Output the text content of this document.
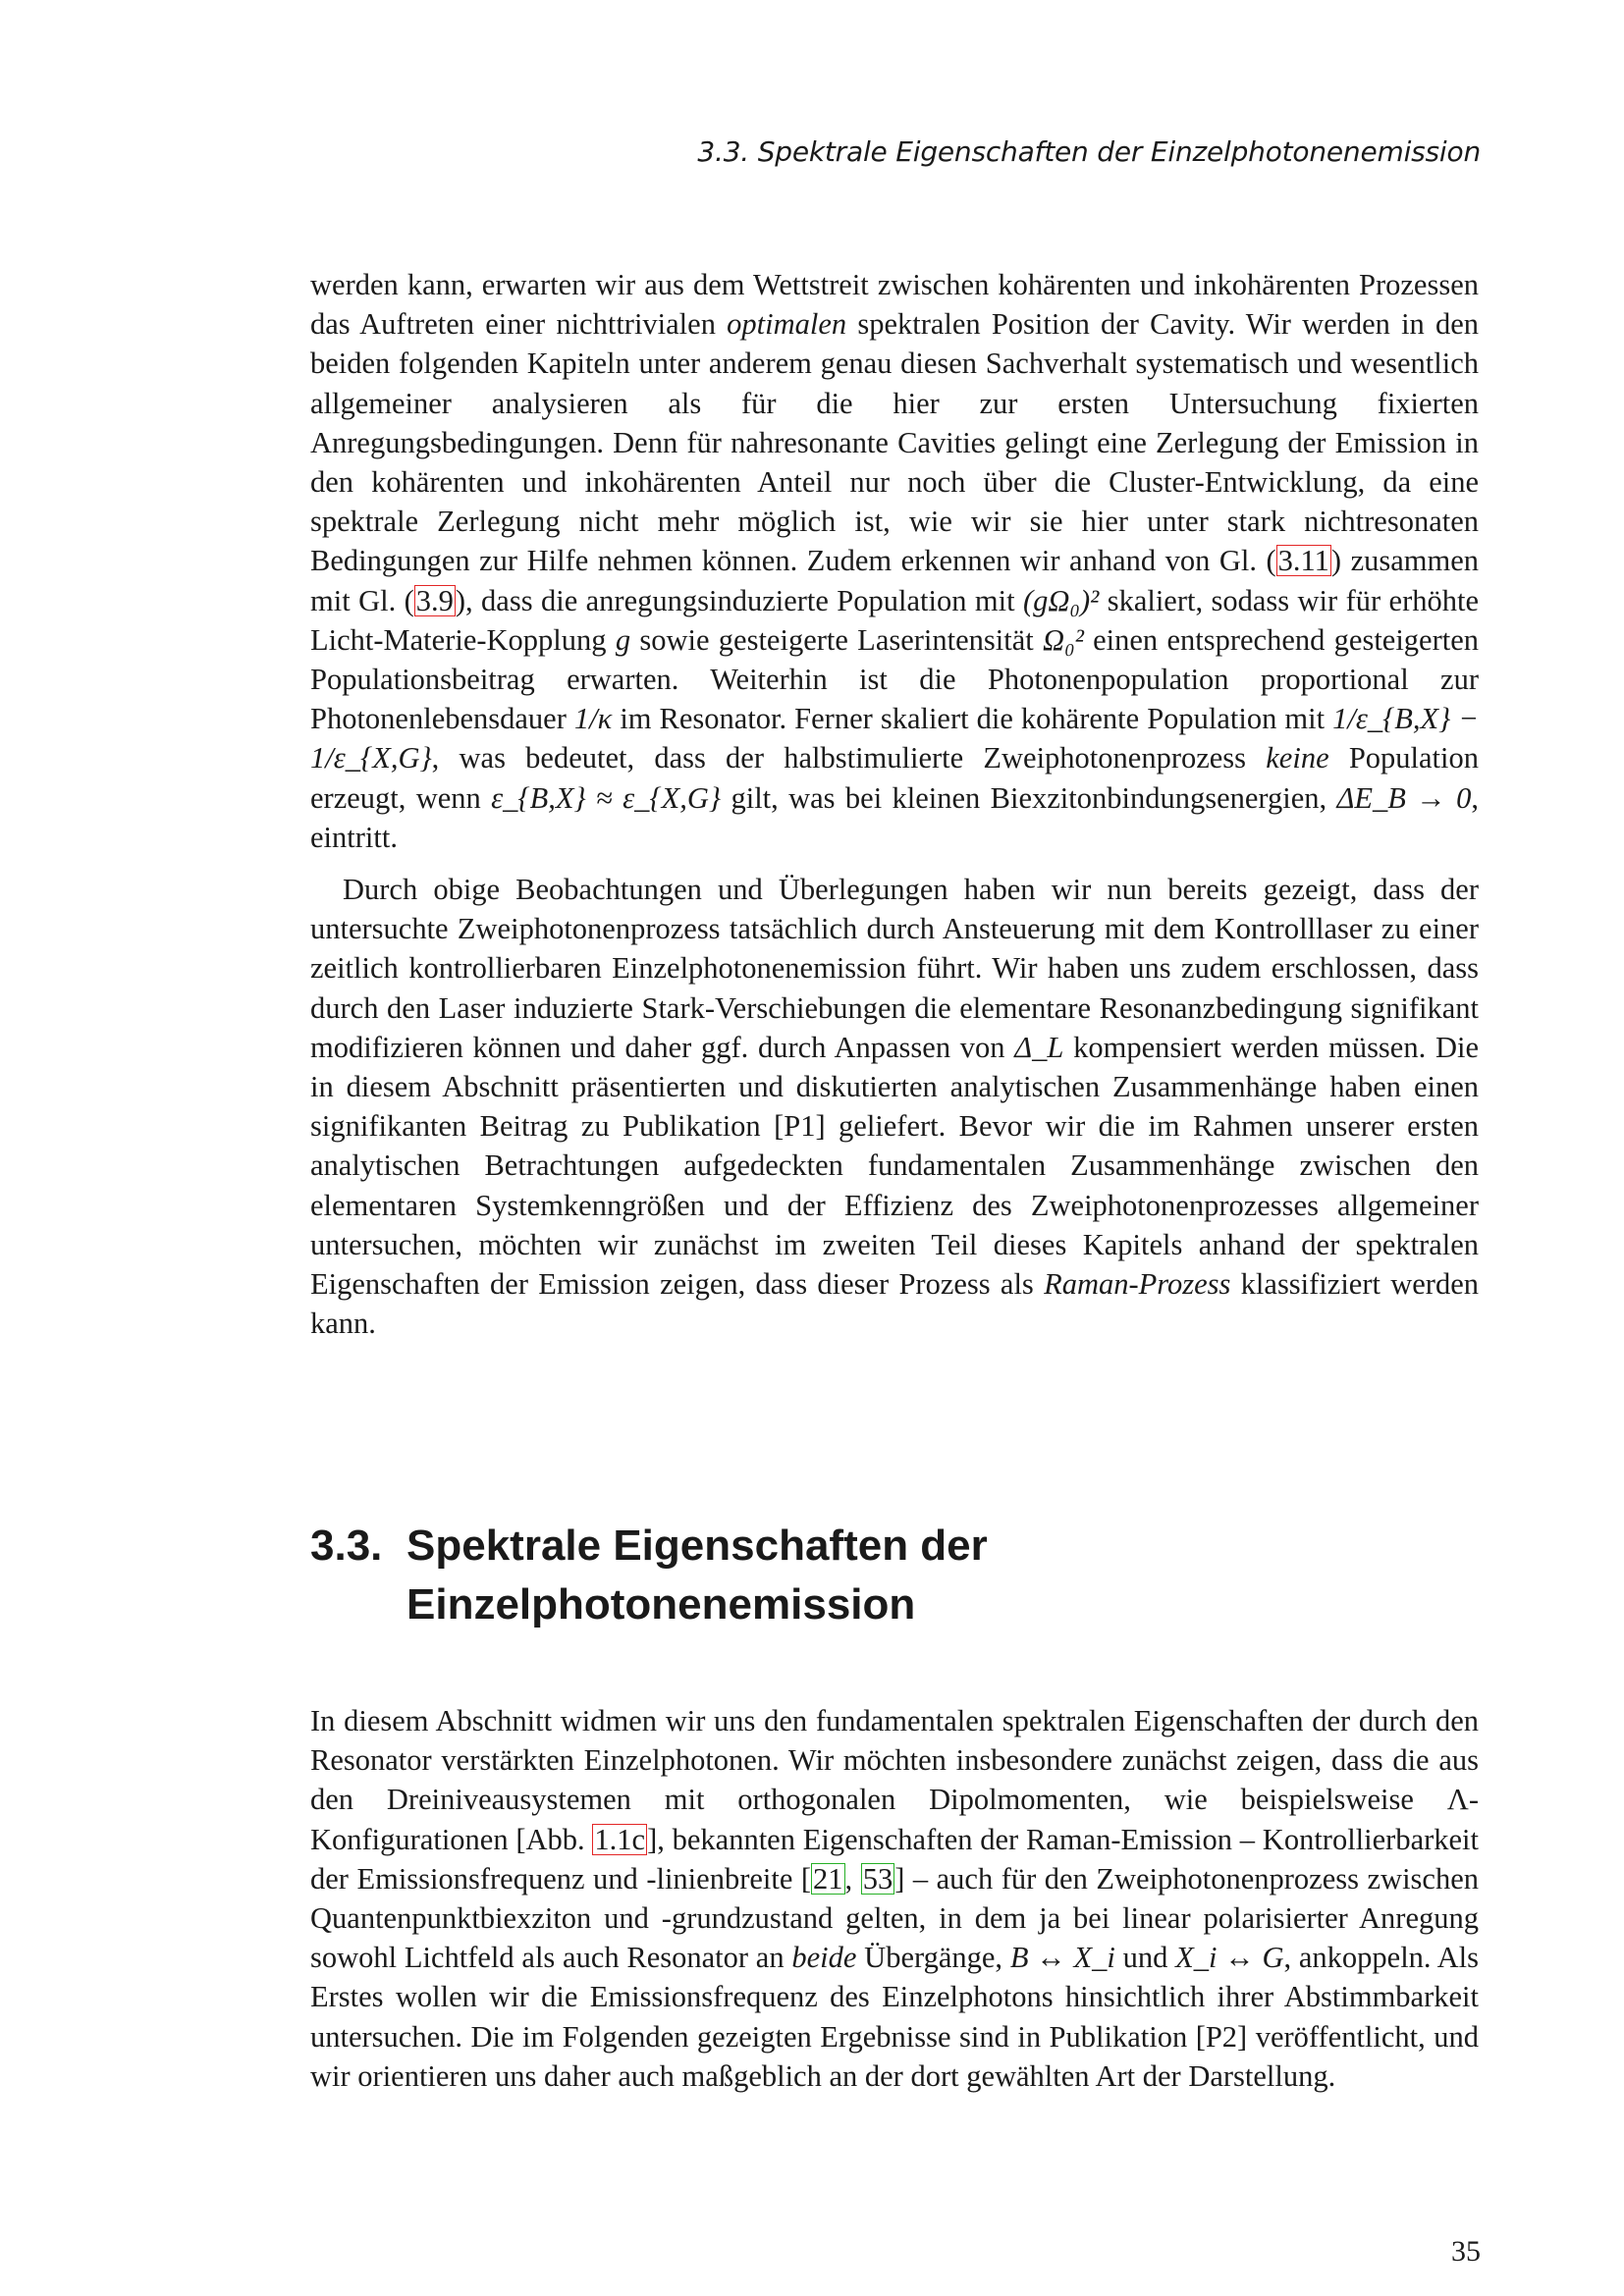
3.3. Spektrale Eigenschaften der Einzelphotonenemission

werden kann, erwarten wir aus dem Wettstreit zwischen kohärenten und inkohärenten Prozessen das Auftreten einer nichttrivialen optimalen spektralen Position der Cavity. Wir werden in den beiden folgenden Kapiteln unter anderem genau diesen Sachverhalt systematisch und wesentlich allgemeiner analysieren als für die hier zur ersten Untersuchung fixierten Anregungsbedingungen. Denn für nahresonante Cavities gelingt eine Zerlegung der Emission in den kohärenten und inkohärenten Anteil nur noch über die Cluster-Entwicklung, da eine spektrale Zerlegung nicht mehr möglich ist, wie wir sie hier unter stark nichtresonaten Bedingungen zur Hilfe nehmen können. Zudem erkennen wir anhand von Gl. (3.11) zusammen mit Gl. (3.9), dass die anregungsinduzierte Population mit (gΩ₀)² skaliert, sodass wir für erhöhte Licht-Materie-Kopplung g sowie gesteigerte Laserintensität Ω₀² einen entsprechend gesteigerten Populationsbeitrag erwarten. Weiterhin ist die Photonenpopulation proportional zur Photonenlebensdauer 1/κ im Resonator. Ferner skaliert die kohärente Population mit 1/ε_{B,X} − 1/ε_{X,G}, was bedeutet, dass der halbstimulierte Zweiphotonenprozess keine Population erzeugt, wenn ε_{B,X} ≈ ε_{X,G} gilt, was bei kleinen Biexzitonbindungsenergien, ΔE_B → 0, eintritt.

Durch obige Beobachtungen und Überlegungen haben wir nun bereits gezeigt, dass der untersuchte Zweiphotonenprozess tatsächlich durch Ansteuerung mit dem Kontrolllaser zu einer zeitlich kontrollierbaren Einzelphotonenemission führt. Wir haben uns zudem erschlossen, dass durch den Laser induzierte Stark-Verschiebungen die elementare Resonanzbedingung signifikant modifizieren können und daher ggf. durch Anpassen von Δ_L kompensiert werden müssen. Die in diesem Abschnitt präsentierten und diskutierten analytischen Zusammenhänge haben einen signifikanten Beitrag zu Publikation [P1] geliefert. Bevor wir die im Rahmen unserer ersten analytischen Betrachtungen aufgedeckten fundamentalen Zusammenhänge zwischen den elementaren Systemkenngrößen und der Effizienz des Zweiphotonenprozesses allgemeiner untersuchen, möchten wir zunächst im zweiten Teil dieses Kapitels anhand der spektralen Eigenschaften der Emission zeigen, dass dieser Prozess als Raman-Prozess klassifiziert werden kann.

3.3. Spektrale Eigenschaften der Einzelphotonenemission

In diesem Abschnitt widmen wir uns den fundamentalen spektralen Eigenschaften der durch den Resonator verstärkten Einzelphotonen. Wir möchten insbesondere zunächst zeigen, dass die aus den Dreiniveausystemen mit orthogonalen Dipolmomenten, wie beispielsweise Λ-Konfigurationen [Abb. 1.1c], bekannten Eigenschaften der Raman-Emission – Kontrollierbarkeit der Emissionsfrequenz und -linienbreite [21, 53] – auch für den Zweiphotonenprozess zwischen Quantenpunktbiexziton und -grundzustand gelten, in dem ja bei linear polarisierter Anregung sowohl Lichtfeld als auch Resonator an beide Übergänge, B ↔ X_i und X_i ↔ G, ankoppeln. Als Erstes wollen wir die Emissionsfrequenz des Einzelphotons hinsichtlich ihrer Abstimmbarkeit untersuchen. Die im Folgenden gezeigten Ergebnisse sind in Publikation [P2] veröffentlicht, und wir orientieren uns daher auch maßgeblich an der dort gewählten Art der Darstellung.

35
